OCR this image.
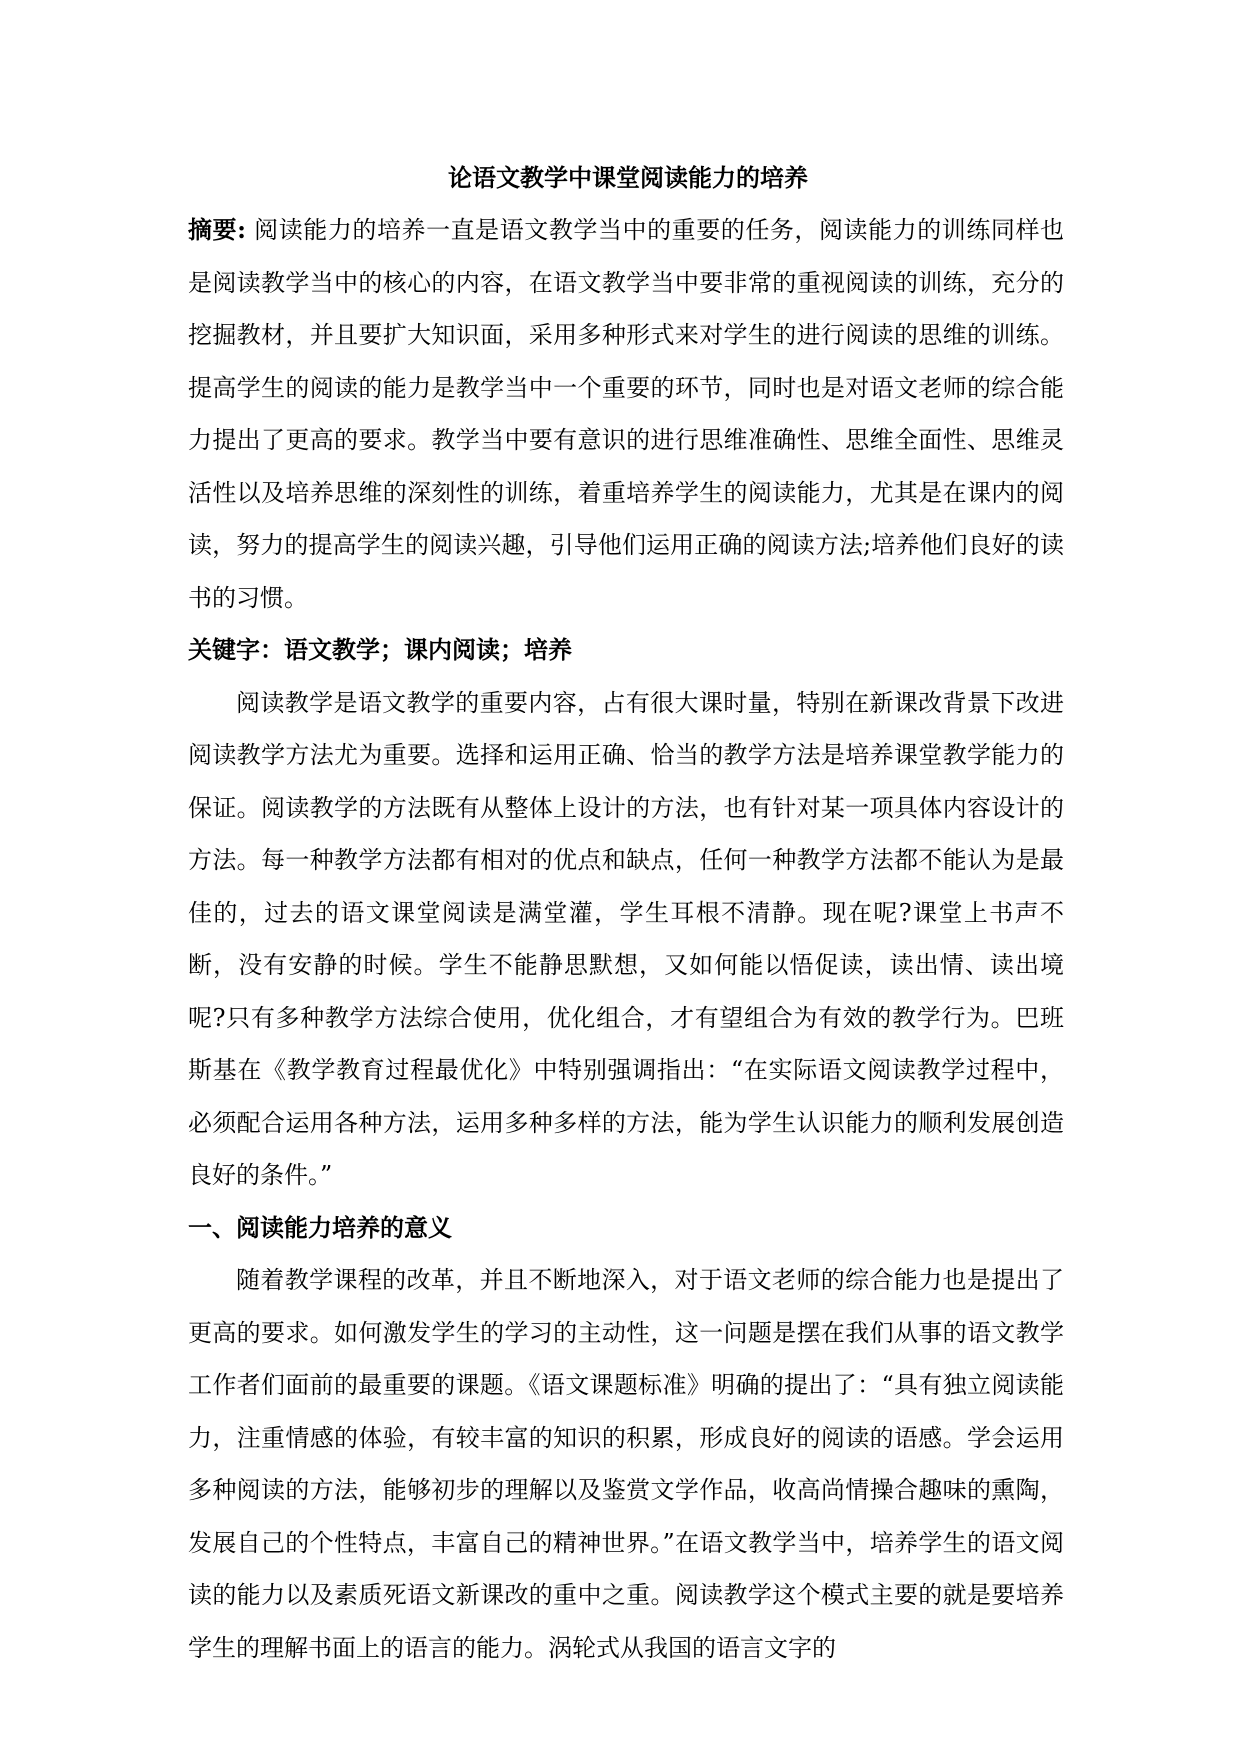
论语文教学中课堂阅读能力的培养

摘要: 阅读能力的培养一直是语文教学当中的重要的任务，阅读能力的训练同样也是阅读教学当中的核心的内容，在语文教学当中要非常的重视阅读的训练，充分的挖掘教材，并且要扩大知识面，采用多种形式来对学生的进行阅读的思维的训练。提高学生的阅读的能力是教学当中一个重要的环节，同时也是对语文老师的综合能力提出了更高的要求。教学当中要有意识的进行思维准确性、思维全面性、思维灵活性以及培养思维的深刻性的训练，着重培养学生的阅读能力，尤其是在课内的阅读，努力的提高学生的阅读兴趣，引导他们运用正确的阅读方法;培养他们良好的读书的习惯。

关键字：语文教学；课内阅读；培养

阅读教学是语文教学的重要内容，占有很大课时量，特别在新课改背景下改进阅读教学方法尤为重要。选择和运用正确、恰当的教学方法是培养课堂教学能力的保证。阅读教学的方法既有从整体上设计的方法，也有针对某一项具体内容设计的方法。每一种教学方法都有相对的优点和缺点，任何一种教学方法都不能认为是最佳的，过去的语文课堂阅读是满堂灌，学生耳根不清静。现在呢?课堂上书声不断，没有安静的时候。学生不能静思默想，又如何能以悟促读，读出情、读出境呢?只有多种教学方法综合使用，优化组合，才有望组合为有效的教学行为。巴班斯基在《教学教育过程最优化》中特别强调指出：“在实际语文阅读教学过程中，必须配合运用各种方法，运用多种多样的方法，能为学生认识能力的顺利发展创造良好的条件。”

一、阅读能力培养的意义

随着教学课程的改革，并且不断地深入，对于语文老师的综合能力也是提出了更高的要求。如何激发学生的学习的主动性，这一问题是摆在我们从事的语文教学工作者们面前的最重要的课题。《语文课题标准》明确的提出了：“具有独立阅读能力，注重情感的体验，有较丰富的知识的积累，形成良好的阅读的语感。学会运用多种阅读的方法，能够初步的理解以及鉴赏文学作品，收高尚情操合趣味的熏陶，发展自己的个性特点，丰富自己的精神世界。”在语文教学当中，培养学生的语文阅读的能力以及素质死语文新课改的重中之重。阅读教学这个模式主要的就是要培养学生的理解书面上的语言的能力。涡轮式从我国的语言文字的
